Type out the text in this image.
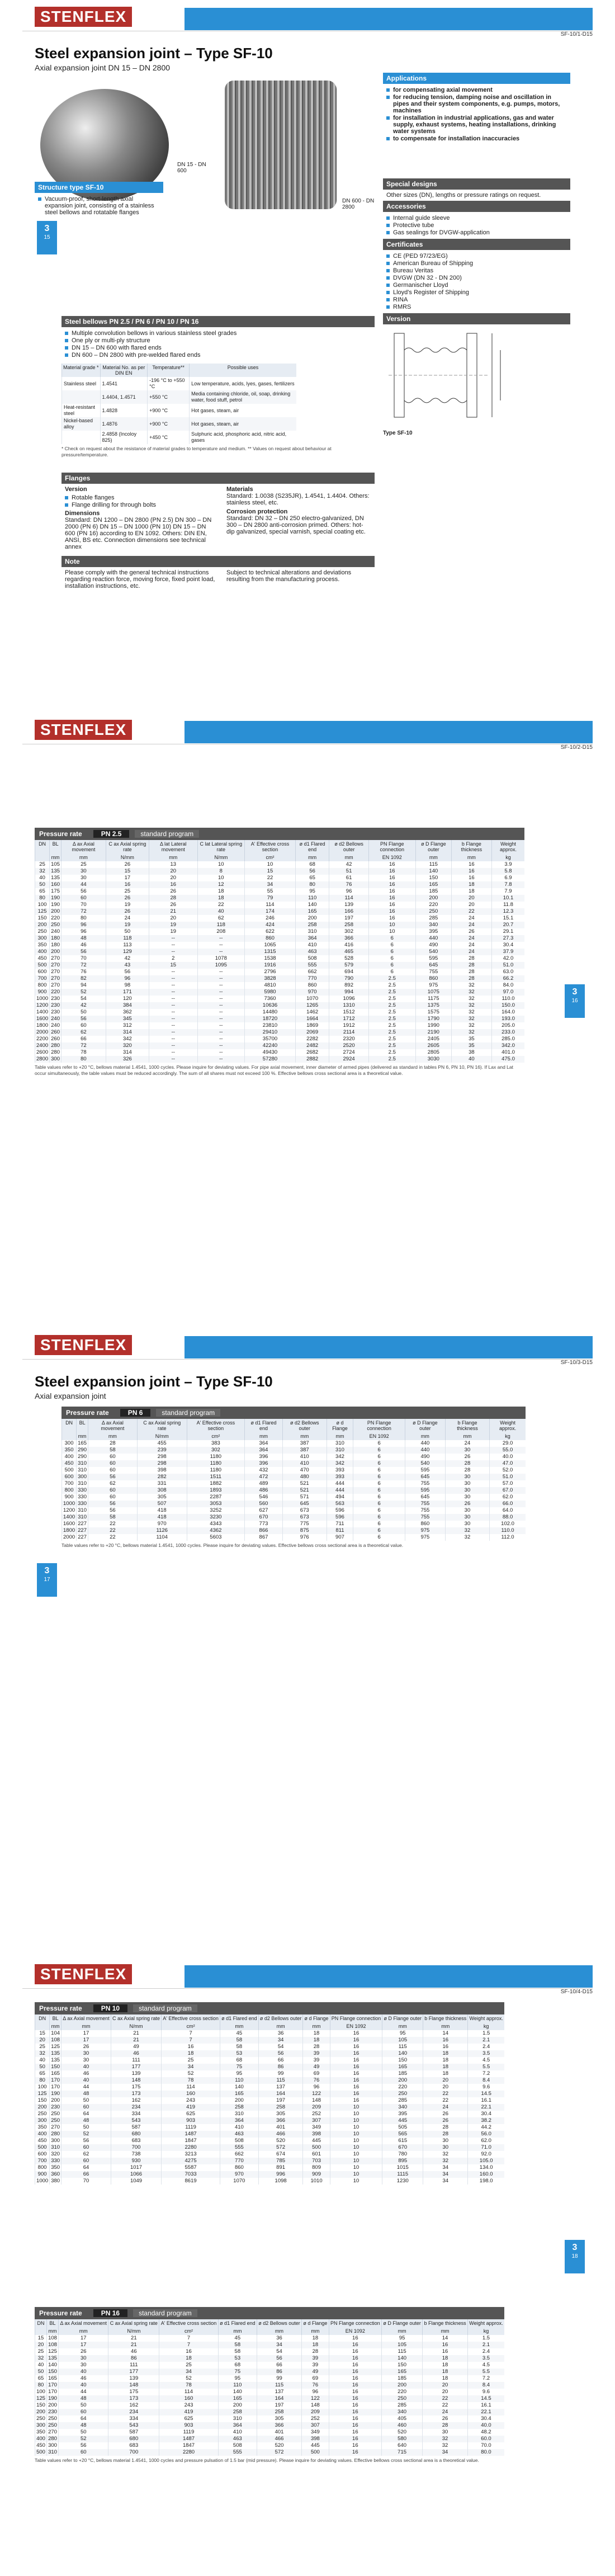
STENFLEX
SF-10/1-D15
Steel expansion joint – Type SF-10
Axial expansion joint DN 15 – DN 2800
DN 15 - DN 600
DN 600 - DN 2800
Structure type SF-10
Vacuum-proof, short-length axial expansion joint, consisting of a stainless steel bellows and rotatable flanges
3
15
Applications
for compensating axial movement
for reducing tension, damping noise and oscillation in pipes and their system components, e.g. pumps, motors, machines
for installation in industrial applications, gas and water supply, exhaust systems, heating installations, drinking water systems
to compensate for installation inaccuracies
Special designs

Other sizes (DN), lengths or pressure ratings on request.

Accessories
Internal guide sleeve
Protective tube
Gas sealings for DVGW-application
Certificates
CE (PED 97/23/EG)
American Bureau of Shipping
Bureau Veritas
DVGW (DN 32 - DN 200)
Germanischer Lloyd
Lloyd's Register of Shipping
RINA
RMRS
Version
Type SF-10
Steel bellows PN 2.5 / PN 6 / PN 10 / PN 16
Multiple convolution bellows in various stainless steel grades
One ply or multi-ply structure
DN 15 – DN 600 with flared ends
DN 600 – DN 2800 with pre-welded flared ends
Material grade *	Material No. as per DIN EN	Temperature**	Possible uses
Stainless steel	1.4541	-196 °C to +550 °C	Low temperature, acids, lyes, gases, fertilizers
	1.4404, 1.4571	+550 °C	Media containing chloride, oil, soap, drinking water, food stuff, petrol
Heat-resistant steel	1.4828	+900 °C	Hot gases, steam, air
Nickel-based alloy	1.4876	+900 °C	Hot gases, steam, air
	2.4858 (Incoloy 825)	+450 °C	Sulphuric acid, phosphoric acid, nitric acid, gases
* Check on request about the resistance of material grades to temperature and medium. ** Values on request about behaviour at pressure/temperature.
Flanges
Version
Rotable flanges
Flange drilling for through bolts
Dimensions

Standard: DN 1200 – DN 2800 (PN 2.5) DN 300 – DN 2000 (PN 6) DN 15 – DN 1000 (PN 10) DN 15 – DN 600 (PN 16) according to EN 1092. Others: DIN EN, ANSI, BS etc. Connection dimensions see technical annex

Materials

Standard: 1.0038 (S235JR), 1.4541, 1.4404. Others: stainless steel, etc.

Corrosion protection

Standard: DN 32 – DN 250 electro-galvanized, DN 300 – DN 2800 anti-corrosion primed. Others: hot-dip galvanized, special varnish, special coating etc.

Note

Please comply with the general technical instructions regarding reaction force, moving force, fixed point load, installation instructions, etc.

Subject to technical alterations and deviations resulting from the manufacturing process.

STENFLEX
SF-10/2-D15
Pressure rate	PN 2.5	standard program
DN	BL	Δ ax Axial movement	C ax Axial spring rate	Δ lat Lateral movement	C lat Lateral spring rate	A' Effective cross section	ø d1 Flared end	ø d2 Bellows outer	PN Flange connection	ø D Flange outer	b Flange thickness	Weight approx.
	mm	mm	N/mm	mm	N/mm	cm²	mm	mm	EN 1092	mm	mm	kg
25	105	25	26	13	10	10	68	42	16	115	16	3.9
32	135	30	15	20	8	15	56	51	16	140	16	5.8
40	135	30	17	20	10	22	65	61	16	150	16	6.9
50	160	44	16	16	12	34	80	76	16	165	18	7.8
65	175	56	25	26	18	55	95	96	16	185	18	7.9
80	190	60	26	28	18	79	110	114	16	200	20	10.1
100	190	70	19	26	22	114	140	139	16	220	20	11.8
125	200	72	26	21	40	174	165	166	16	250	22	12.3
150	220	80	24	20	62	246	200	197	16	285	24	15.1
200	250	96	19	19	118	424	258	258	10	340	24	20.7
250	240	96	50	19	208	622	310	302	10	395	26	29.1
300	180	48	118	--	--	860	364	366	6	440	24	27.3
350	180	46	113	--	--	1065	410	416	6	490	24	30.4
400	200	56	129	--	--	1315	463	465	6	540	24	37.9
450	270	70	42	2	1078	1538	508	528	6	595	28	42.0
500	270	72	43	15	1095	1916	555	579	6	645	28	51.0
600	270	76	56	--	--	2796	662	694	6	755	28	63.0
700	270	82	96	--	--	3828	770	790	2.5	860	28	66.2
800	270	94	98	--	--	4810	860	892	2.5	975	32	84.0
900	220	52	171	--	--	5980	970	994	2.5	1075	32	97.0
1000	230	54	120	--	--	7360	1070	1096	2.5	1175	32	110.0
1200	230	42	384	--	--	10636	1265	1310	2.5	1375	32	150.0
1400	230	50	362	--	--	14480	1462	1512	2.5	1575	32	164.0
1600	240	56	345	--	--	18720	1664	1712	2.5	1790	32	193.0
1800	240	60	312	--	--	23810	1869	1912	2.5	1990	32	205.0
2000	260	62	314	--	--	29410	2069	2114	2.5	2190	32	233.0
2200	260	66	342	--	--	35700	2282	2320	2.5	2405	35	285.0
2400	280	72	320	--	--	42240	2482	2520	2.5	2605	35	342.0
2600	280	78	314	--	--	49430	2682	2724	2.5	2805	38	401.0
2800	300	80	326	--	--	57280	2882	2924	2.5	3030	40	475.0
Table values refer to +20 °C, bellows material 1.4541, 1000 cycles. Please inquire for deviating values. For pipe axial movement, inner diameter of armed pipes (delivered as standard in tables PN 6, PN 10, PN 16). If Lax and Lat occur simultaneously, the table values must be reduced accordingly. The sum of all shares must not exceed 100 %. Effective bellows cross sectional area is a theoretical value.
3
16
STENFLEX
SF-10/3-D15
Steel expansion joint – Type SF-10
Axial expansion joint
Pressure rate	PN 6	standard program
DN	BL	Δ ax Axial movement	C ax Axial spring rate	A' Effective cross section	ø d1 Flared end	ø d2 Bellows outer	ø d Flange	PN Flange connection	ø D Flange outer	b Flange thickness	Weight approx.
	mm	mm	N/mm	cm²	mm	mm	mm	EN 1092	mm	mm	kg
300	165	28	455	383	364	387	310	6	440	24	29.0
350	290	58	239	302	364	387	310	6	440	30	55.0
400	290	60	298	1180	396	410	342	6	490	26	40.0
450	310	60	298	1180	396	410	342	6	540	28	47.0
500	310	60	398	1180	432	470	393	6	595	28	52.0
600	300	56	282	1511	472	480	393	6	645	30	51.0
700	310	62	331	1882	489	521	444	6	755	30	57.0
800	330	60	308	1893	486	521	444	6	595	30	67.0
900	330	60	305	2287	546	571	494	6	645	30	62.0
1000	330	56	507	3053	560	645	563	6	755	26	66.0
1200	310	56	418	3252	627	673	596	6	755	30	64.0
1400	310	58	418	3230	670	673	596	6	755	30	88.0
1600	227	22	970	4343	773	775	711	6	860	30	102.0
1800	227	22	1126	4362	866	875	811	6	975	32	110.0
2000	227	22	1104	5603	867	976	907	6	975	32	112.0
Table values refer to +20 °C, bellows material 1.4541, 1000 cycles. Please inquire for deviating values. Effective bellows cross sectional area is a theoretical value.
3
17
STENFLEX
SF-10/4-D15
Pressure rate	PN 10	standard program
DN	BL	Δ ax Axial movement	C ax Axial spring rate	A' Effective cross section	ø d1 Flared end	ø d2 Bellows outer	ø d Flange	PN Flange connection	ø D Flange outer	b Flange thickness	Weight approx.
	mm	mm	N/mm	cm²	mm	mm	mm	EN 1092	mm	mm	kg
15	104	17	21	7	45	36	18	16	95	14	1.5
20	108	17	21	7	58	34	18	16	105	16	2.1
25	125	26	49	16	58	54	28	16	115	16	2.4
32	135	30	46	18	53	56	39	16	140	18	3.5
40	135	30	111	25	68	66	39	16	150	18	4.5
50	150	40	177	34	75	86	49	16	165	18	5.5
65	165	46	139	52	95	99	69	16	185	18	7.2
80	170	40	148	78	110	115	76	16	200	20	8.4
100	170	44	175	114	140	137	96	16	220	20	9.6
125	190	48	173	160	165	164	122	16	250	22	14.5
150	200	50	162	243	200	197	148	16	285	22	16.1
200	230	60	234	419	258	258	209	10	340	24	22.1
250	250	64	334	625	310	305	252	10	395	26	30.4
300	250	48	543	903	364	366	307	10	445	26	38.2
350	270	50	587	1119	410	401	349	10	505	28	44.2
400	280	52	680	1487	463	466	398	10	565	28	56.0
450	300	56	683	1847	508	520	445	10	615	30	62.0
500	310	60	700	2280	555	572	500	10	670	30	71.0
600	320	62	738	3213	662	674	601	10	780	32	92.0
700	330	60	930	4275	770	785	703	10	895	32	105.0
800	350	64	1017	5587	860	891	809	10	1015	34	134.0
900	360	66	1066	7033	970	996	909	10	1115	34	160.0
1000	380	70	1049	8619	1070	1098	1010	10	1230	34	198.0
Pressure rate	PN 16	standard program
DN	BL	Δ ax Axial movement	C ax Axial spring rate	A' Effective cross section	ø d1 Flared end	ø d2 Bellows outer	ø d Flange	PN Flange connection	ø D Flange outer	b Flange thickness	Weight approx.
	mm	mm	N/mm	cm²	mm	mm	mm	EN 1092	mm	mm	kg
15	108	17	21	7	45	36	18	16	95	14	1.5
20	108	17	21	7	58	34	18	16	105	16	2.1
25	125	26	46	16	58	54	28	16	115	16	2.4
32	135	30	86	18	53	56	39	16	140	18	3.5
40	140	30	111	25	68	66	39	16	150	18	4.5
50	150	40	177	34	75	86	49	16	165	18	5.5
65	165	46	139	52	95	99	69	16	185	18	7.2
80	170	40	148	78	110	115	76	16	200	20	8.4
100	170	44	175	114	140	137	96	16	220	20	9.6
125	190	48	173	160	165	164	122	16	250	22	14.5
150	200	50	162	243	200	197	148	16	285	22	16.1
200	230	60	234	419	258	258	209	16	340	24	22.1
250	250	64	334	625	310	305	252	16	405	26	30.4
300	250	48	543	903	364	366	307	16	460	28	40.0
350	270	50	587	1119	410	401	349	16	520	30	48.2
400	280	52	680	1487	463	466	398	16	580	32	60.0
450	300	56	683	1847	508	520	445	16	640	32	70.0
500	310	60	700	2280	555	572	500	16	715	34	80.0
Table values refer to +20 °C, bellows material 1.4541, 1000 cycles and pressure pulsation of 1.5 bar (mid pressure). Please inquire for deviating values. Effective bellows cross sectional area is a theoretical value.
3
18
